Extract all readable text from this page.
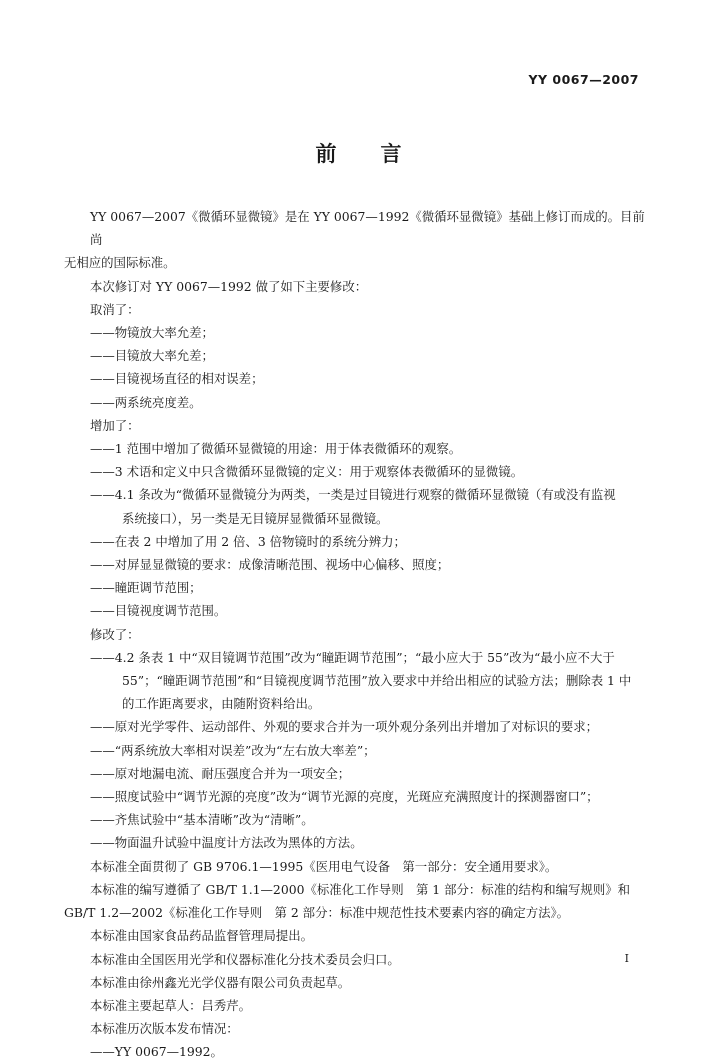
YY 0067—2007
前 言

YY 0067—2007《微循环显微镜》是在 YY 0067—1992《微循环显微镜》基础上修订而成的。目前尚

无相应的国际标准。

本次修订对 YY 0067—1992 做了如下主要修改：

取消了：

——物镜放大率允差；

——目镜放大率允差；

——目镜视场直径的相对误差；

——两系统亮度差。

增加了：

——1 范围中增加了微循环显微镜的用途：用于体表微循环的观察。

——3 术语和定义中只含微循环显微镜的定义：用于观察体表微循环的显微镜。

——4.1 条改为“微循环显微镜分为两类，一类是过目镜进行观察的微循环显微镜（有或没有监视

系统接口），另一类是无目镜屏显微循环显微镜。

——在表 2 中增加了用 2 倍、3 倍物镜时的系统分辨力；

——对屏显显微镜的要求：成像清晰范围、视场中心偏移、照度；

——瞳距调节范围；

——目镜视度调节范围。

修改了：

——4.2 条表 1 中“双目镜调节范围”改为“瞳距调节范围”；“最小应大于 55”改为“最小应不大于

55”；“瞳距调节范围”和“目镜视度调节范围”放入要求中并给出相应的试验方法；删除表 1 中

的工作距离要求，由随附资料给出。

——原对光学零件、运动部件、外观的要求合并为一项外观分条列出并增加了对标识的要求；

——“两系统放大率相对误差”改为“左右放大率差”；

——原对地漏电流、耐压强度合并为一项安全；

——照度试验中“调节光源的亮度”改为“调节光源的亮度，光斑应充满照度计的探测器窗口”；

——齐焦试验中“基本清晰”改为“清晰”。

——物面温升试验中温度计方法改为黑体的方法。

本标准全面贯彻了 GB 9706.1—1995《医用电气设备　第一部分：安全通用要求》。

本标准的编写遵循了 GB/T 1.1—2000《标准化工作导则　第 1 部分：标准的结构和编写规则》和

GB/T 1.2—2002《标准化工作导则　第 2 部分：标准中规范性技术要素内容的确定方法》。

本标准由国家食品药品监督管理局提出。

本标准由全国医用光学和仪器标准化分技术委员会归口。

本标准由徐州鑫光光学仪器有限公司负责起草。

本标准主要起草人：吕秀芹。

本标准历次版本发布情况：

——YY 0067—1992。

I
